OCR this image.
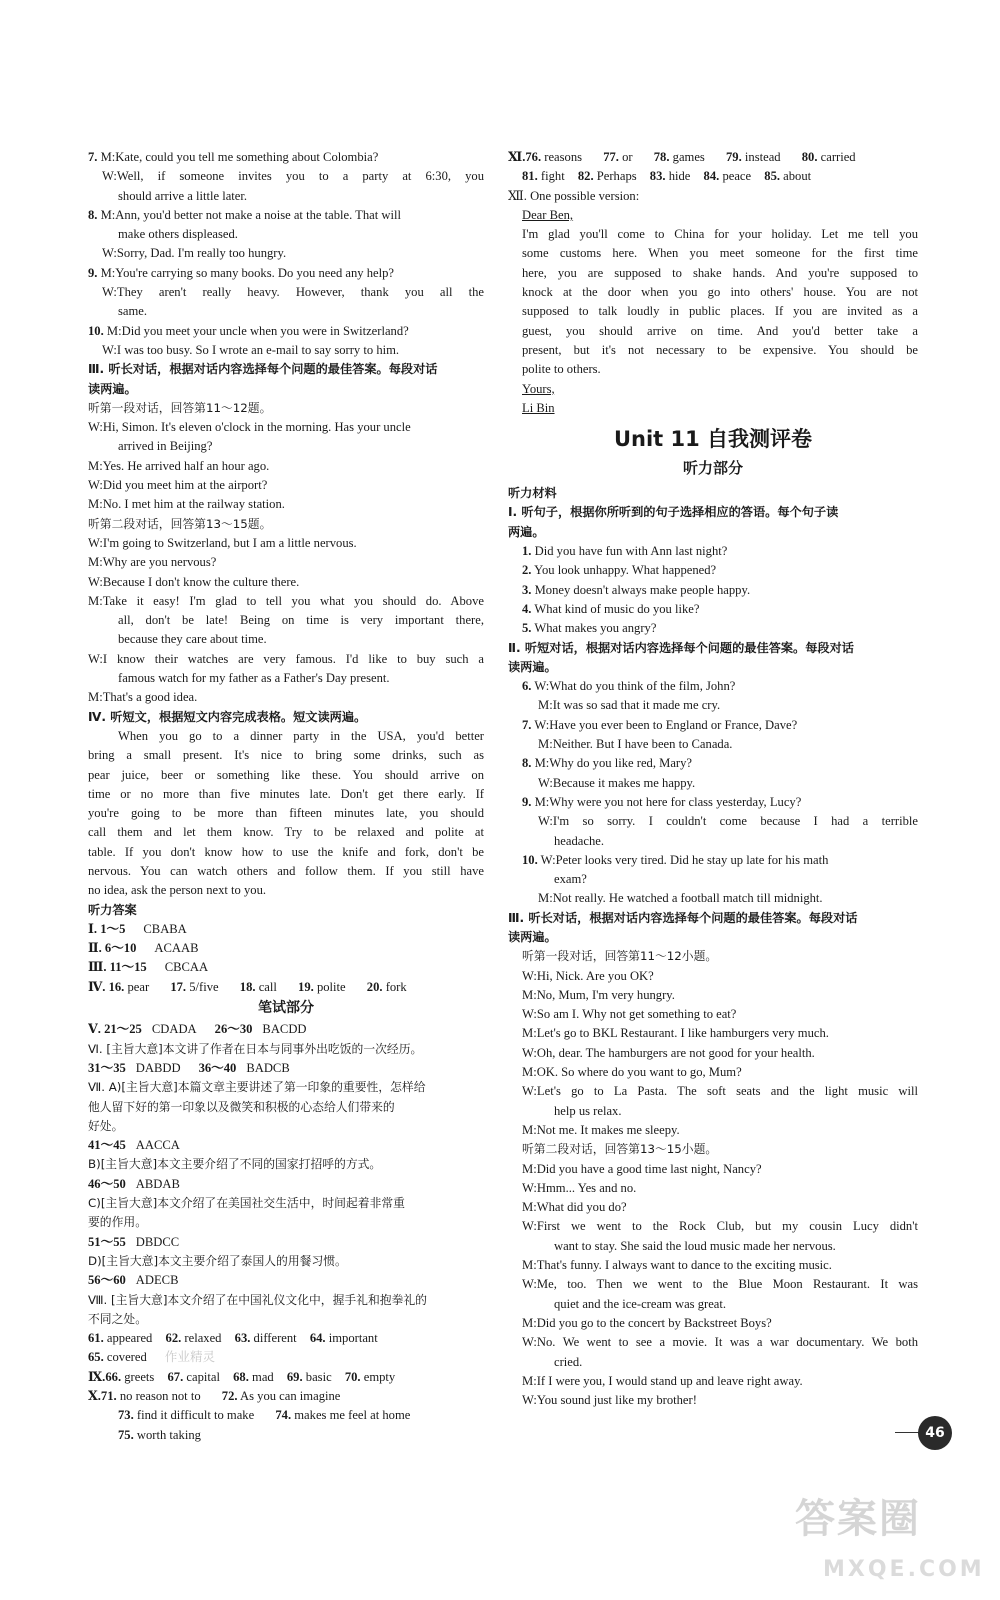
7. M:Kate, could you tell me something about Colombia?
W:Well, if someone invites you to a party at 6:30, you
should arrive a little later.
8. M:Ann, you'd better not make a noise at the table. That will
make others displeased.
W:Sorry, Dad. I'm really too hungry.
9. M:You're carrying so many books. Do you need any help?
W:They aren't really heavy. However, thank you all the
same.
10. M:Did you meet your uncle when you were in Switzerland?
W:I was too busy. So I wrote an e-mail to say sorry to him.
Ⅲ. 听长对话，根据对话内容选择每个问题的最佳答案。每段对话
读两遍。
听第一段对话，回答第11～12题。
W:Hi, Simon. It's eleven o'clock in the morning. Has your uncle
arrived in Beijing?
M:Yes. He arrived half an hour ago.
W:Did you meet him at the airport?
M:No. I met him at the railway station.
听第二段对话，回答第13～15题。
W:I'm going to Switzerland, but I am a little nervous.
M:Why are you nervous?
W:Because I don't know the culture there.
M:Take it easy! I'm glad to tell you what you should do. Above
all, don't be late! Being on time is very important there,
because they care about time.
W:I know their watches are very famous. I'd like to buy such a
famous watch for my father as a Father's Day present.
M:That's a good idea.
Ⅳ. 听短文，根据短文内容完成表格。短文读两遍。
When you go to a dinner party in the USA, you'd better
bring a small present. It's nice to bring some drinks, such as
pear juice, beer or something like these. You should arrive on
time or no more than five minutes late. Don't get there early. If
you're going to be more than fifteen minutes late, you should
call them and let them know. Try to be relaxed and polite at
table. If you don't know how to use the knife and fork, don't be
nervous. You can watch others and follow them. If you still have
no idea, ask the person next to you.
听力答案
Ⅰ. 1～5 CBABA
Ⅱ. 6～10 ACAAB
Ⅲ. 11～15 CBCAA
Ⅳ. 16. pear 17. 5/five 18. call 19. polite 20. fork
笔试部分
Ⅴ. 21～25 CDADA 26～30 BACDD
Ⅵ. [主旨大意]本文讲了作者在日本与同事外出吃饭的一次经历。
31～35 DABDD 36～40 BADCB
Ⅶ. A)[主旨大意]本篇文章主要讲述了第一印象的重要性，怎样给
他人留下好的第一印象以及微笑和积极的心态给人们带来的
好处。
41～45 AACCA
B)[主旨大意]本文主要介绍了不同的国家打招呼的方式。
46～50 ABDAB
C)[主旨大意]本文介绍了在美国社交生活中，时间起着非常重
要的作用。
51～55 DBDCC
D)[主旨大意]本文主要介绍了泰国人的用餐习惯。
56～60 ADECB
Ⅷ. [主旨大意]本文介绍了在中国礼仪文化中，握手礼和抱拳礼的
不同之处。
61. appeared 62. relaxed 63. different 64. important
65. covered 作业精灵
Ⅸ.66. greets 67. capital 68. mad 69. basic 70. empty
Ⅹ.71. no reason not to 72. As you can imagine
73. find it difficult to make 74. makes me feel at home
75. worth taking
Ⅺ.76. reasons 77. or 78. games 79. instead 80. carried
81. fight 82. Perhaps 83. hide 84. peace 85. about
Ⅻ. One possible version:
Dear Ben,
I'm glad you'll come to China for your holiday. Let me tell you
some customs here. When you meet someone for the first time
here, you are supposed to shake hands. And you're supposed to
knock at the door when you go into others' house. You are not
supposed to talk loudly in public places. If you are invited as a
guest, you should arrive on time. And you'd better take a
present, but it's not necessary to be expensive. You should be
polite to others.
Yours,
Li Bin
Unit 11 自我测评卷
听力部分
听力材料
Ⅰ. 听句子，根据你所听到的句子选择相应的答语。每个句子读
两遍。
1. Did you have fun with Ann last night?
2. You look unhappy. What happened?
3. Money doesn't always make people happy.
4. What kind of music do you like?
5. What makes you angry?
Ⅱ. 听短对话，根据对话内容选择每个问题的最佳答案。每段对话
读两遍。
6. W:What do you think of the film, John?
M:It was so sad that it made me cry.
7. W:Have you ever been to England or France, Dave?
M:Neither. But I have been to Canada.
8. M:Why do you like red, Mary?
W:Because it makes me happy.
9. M:Why were you not here for class yesterday, Lucy?
W:I'm so sorry. I couldn't come because I had a terrible
headache.
10. W:Peter looks very tired. Did he stay up late for his math
exam?
M:Not really. He watched a football match till midnight.
Ⅲ. 听长对话，根据对话内容选择每个问题的最佳答案。每段对话
读两遍。
听第一段对话，回答第11～12小题。
W:Hi, Nick. Are you OK?
M:No, Mum, I'm very hungry.
W:So am I. Why not get something to eat?
M:Let's go to BKL Restaurant. I like hamburgers very much.
W:Oh, dear. The hamburgers are not good for your health.
M:OK. So where do you want to go, Mum?
W:Let's go to La Pasta. The soft seats and the light music will
help us relax.
M:Not me. It makes me sleepy.
听第二段对话，回答第13～15小题。
M:Did you have a good time last night, Nancy?
W:Hmm... Yes and no.
M:What did you do?
W:First we went to the Rock Club, but my cousin Lucy didn't
want to stay. She said the loud music made her nervous.
M:That's funny. I always want to dance to the exciting music.
W:Me, too. Then we went to the Blue Moon Restaurant. It was
quiet and the ice-cream was great.
M:Did you go to the concert by Backstreet Boys?
W:No. We went to see a movie. It was a war documentary. We both
cried.
M:If I were you, I would stand up and leave right away.
W:You sound just like my brother!
46
答案圈
MXQE.COM
